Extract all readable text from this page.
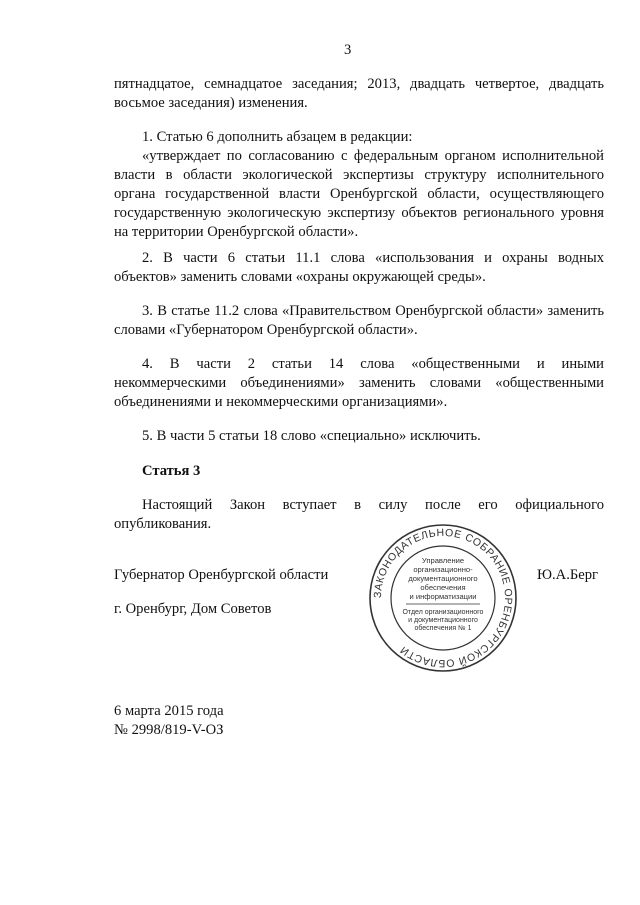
3
пятнадцатое, семнадцатое заседания; 2013, двадцать четвертое, двадцать
восьмое заседания) изменения.
1. Статью 6 дополнить абзацем в редакции:
«утверждает по согласованию с федеральным органом исполнительной
власти в области экологической экспертизы структуру исполнительного
органа государственной власти Оренбургской области, осуществляющего
государственную экологическую экспертизу объектов регионального уровня
на территории Оренбургской области».
2. В части 6 статьи 11.1 слова «использования и охраны водных
объектов» заменить словами «охраны окружающей среды».
3. В статье 11.2 слова «Правительством Оренбургской области» заменить
словами «Губернатором Оренбургской области».
4. В части 2 статьи 14 слова «общественными и иными
некоммерческими объединениями» заменить словами «общественными
объединениями и некоммерческими организациями».
5. В части 5 статьи 18 слово «специально» исключить.
Статья 3
Настоящий Закон вступает в силу после его официального
опубликования.
Губернатор Оренбургской области	Ю.А.Берг
г. Оренбург, Дом Советов
ЗАКОНОДАТЕЛЬНОЕ СОБРАНИЕ ОРЕНБУРГСКОЙ ОБЛАСТИ
Управление
организационно-
документационного
обеспечения
и информатизации
Отдел организационного
и документационного
обеспечения № 1
6 марта 2015 года
№ 2998/819-V-ОЗ
